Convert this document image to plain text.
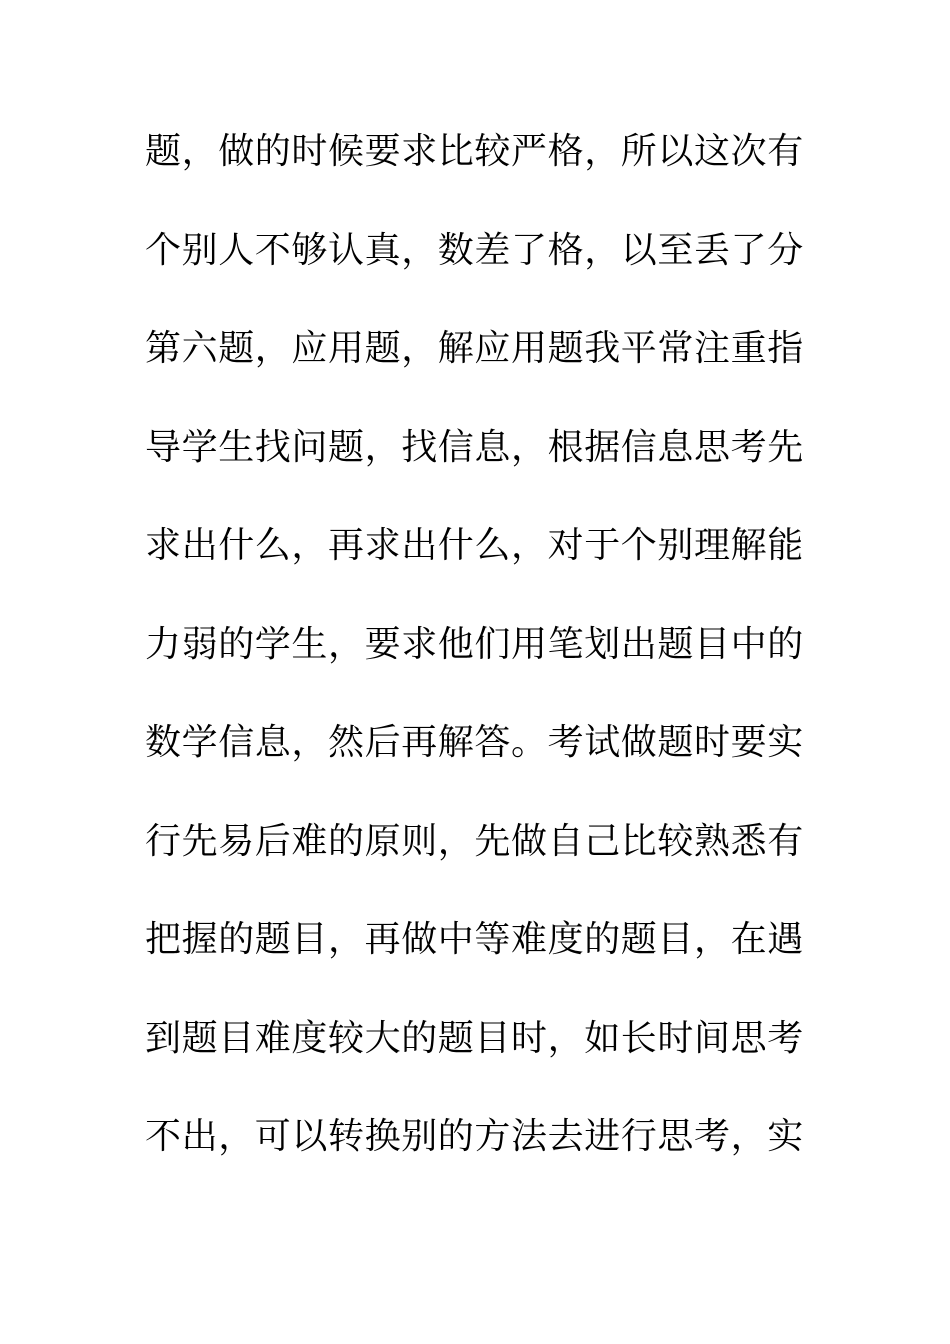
题，做的时候要求比较严格，所以这次有
个别人不够认真，数差了格，以至丢了分
第六题，应用题，解应用题我平常注重指
导学生找问题，找信息，根据信息思考先
求出什么，再求出什么，对于个别理解能
力弱的学生，要求他们用笔划出题目中的
数学信息，然后再解答。考试做题时要实
行先易后难的原则，先做自己比较熟悉有
把握的题目，再做中等难度的题目，在遇
到题目难度较大的题目时，如长时间思考
不出，可以转换别的方法去进行思考，实
